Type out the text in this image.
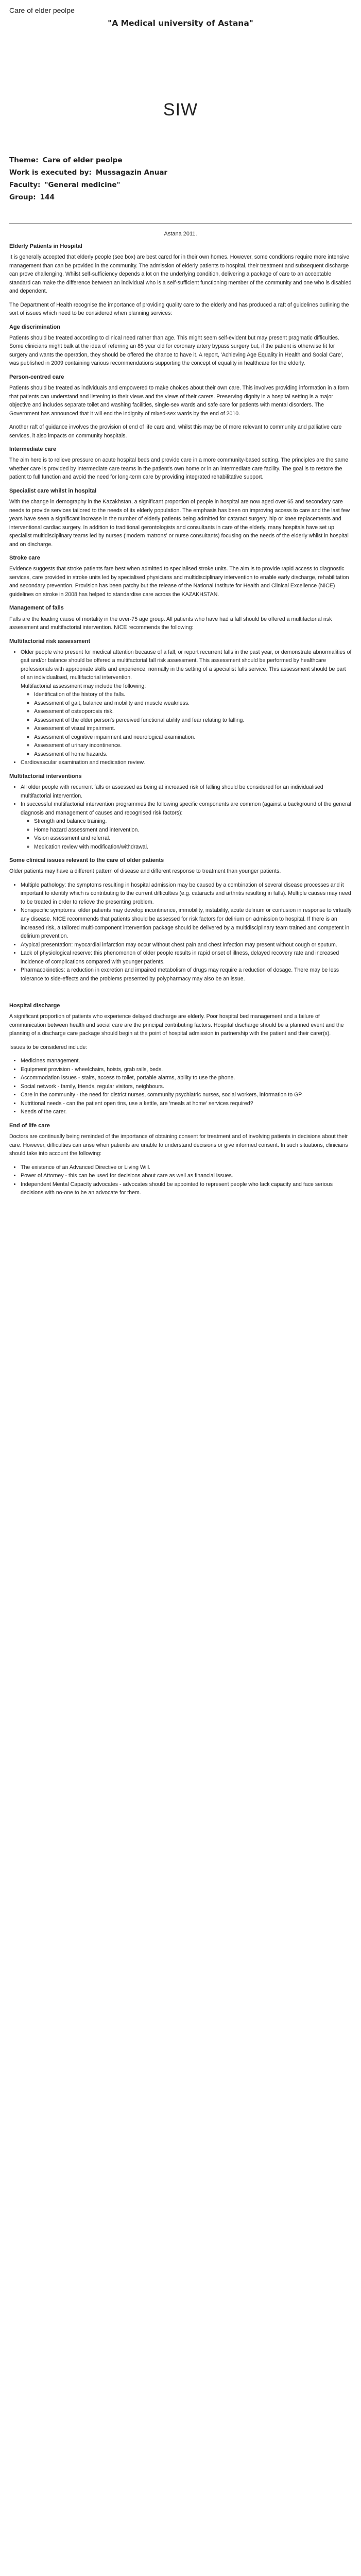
Care of elder peolpe
"A Medical university of Astana"
SIW
Theme: Care of elder peolpe
Work is executed by: Mussagazin Anuar
Faculty: "General medicine"
Group: 144
Astana 2011.
Elderly Patients in Hospital

It is generally accepted that elderly people (see box) are best cared for in their own homes. However, some conditions require more intensive management than can be provided in the community. The admission of elderly patients to hospital, their treatment and subsequent discharge can prove challenging. Whilst self-sufficiency depends a lot on the underlying condition, delivering a package of care to an acceptable standard can make the difference between an individual who is a self-sufficient functioning member of the community and one who is disabled and dependent.

The Department of Health recognise the importance of providing quality care to the elderly and has produced a raft of guidelines outlining the sort of issues which need to be considered when planning services:

Age discrimination

Patients should be treated according to clinical need rather than age. This might seem self-evident but may present pragmatic difficulties. Some clinicians might balk at the idea of referring an 85 year old for coronary artery bypass surgery but, if the patient is otherwise fit for surgery and wants the operation, they should be offered the chance to have it. A report, 'Achieving Age Equality in Health and Social Care', was published in 2009 containing various recommendations supporting the concept of equality in healthcare for the elderly.

Person-centred care

Patients should be treated as individuals and empowered to make choices about their own care. This involves providing information in a form that patients can understand and listening to their views and the views of their carers. Preserving dignity in a hospital setting is a major objective and includes separate toilet and washing facilities, single-sex wards and safe care for patients with mental disorders. The Government has announced that it will end the indignity of mixed-sex wards by the end of 2010.

Another raft of guidance involves the provision of end of life care and, whilst this may be of more relevant to community and palliative care services, it also impacts on community hospitals.

Intermediate care

The aim here is to relieve pressure on acute hospital beds and provide care in a more community-based setting. The principles are the same whether care is provided by intermediate care teams in the patient's own home or in an intermediate care facility. The goal is to restore the patient to full function and avoid the need for long-term care by providing integrated rehabilitative support.

Specialist care whilst in hospital

With the change in demography in the Kazakhstan, a significant proportion of people in hospital are now aged over 65 and secondary care needs to provide services tailored to the needs of its elderly population. The emphasis has been on improving access to care and the last few years have seen a significant increase in the number of elderly patients being admitted for cataract surgery, hip or knee replacements and interventional cardiac surgery. In addition to traditional gerontologists and consultants in care of the elderly, many hospitals have set up specialist multidisciplinary teams led by nurses ('modern matrons' or nurse consultants) focusing on the needs of the elderly whilst in hospital and on discharge.

Stroke care

Evidence suggests that stroke patients fare best when admitted to specialised stroke units. The aim is to provide rapid access to diagnostic services, care provided in stroke units led by specialised physicians and multidisciplinary intervention to enable early discharge, rehabilitation and secondary prevention. Provision has been patchy but the release of the National Institute for Health and Clinical Excellence (NICE) guidelines on stroke in 2008 has helped to standardise care across the KAZAKHSTAN.

Management of falls

Falls are the leading cause of mortality in the over-75 age group. All patients who have had a fall should be offered a multifactorial risk assessment and multifactorial intervention. NICE recommends the following:

Multifactorial risk assessment
• Older people who present for medical attention because of a fall, or report recurrent falls in the past year, or demonstrate abnormalities of gait and/or balance should be offered a multifactorial fall risk assessment. This assessment should be performed by healthcare professionals with appropriate skills and experience, normally in the setting of a specialist falls service. This assessment should be part of an individualised, multifactorial intervention.
Multifactorial assessment may include the following:
◦ Identification of the history of the falls.
◦ Assessment of gait, balance and mobility and muscle weakness.
◦ Assessment of osteoporosis risk.
◦ Assessment of the older person's perceived functional ability and fear relating to falling.
◦ Assessment of visual impairment.
◦ Assessment of cognitive impairment and neurological examination.
◦ Assessment of urinary incontinence.
◦ Assessment of home hazards.
• Cardiovascular examination and medication review.
Multifactorial interventions
• All older people with recurrent falls or assessed as being at increased risk of falling should be considered for an individualised multifactorial intervention.
• In successful multifactorial intervention programmes the following specific components are common (against a background of the general diagnosis and management of causes and recognised risk factors):
◦ Strength and balance training.
◦ Home hazard assessment and intervention.
◦ Vision assessment and referral.
◦ Medication review with modification/withdrawal.
Some clinical issues relevant to the care of older patients

Older patients may have a different pattern of disease and different response to treatment than younger patients.

• Multiple pathology: the symptoms resulting in hospital admission may be caused by a combination of several disease processes and it important to identify which is contributing to the current difficulties (e.g. cataracts and arthritis resulting in falls). Multiple causes may need to be treated in order to relieve the presenting problem.
• Nonspecific symptoms: older patients may develop incontinence, immobility, instability, acute delirium or confusion in response to virtually any disease. NICE recommends that patients should be assessed for risk factors for delirium on admission to hospital. If there is an increased risk, a tailored multi-component intervention package should be delivered by a multidisciplinary team trained and competent in delirium prevention.
• Atypical presentation: myocardial infarction may occur without chest pain and chest infection may present without cough or sputum.
• Lack of physiological reserve: this phenomenon of older people results in rapid onset of illness, delayed recovery rate and increased incidence of complications compared with younger patients.
• Pharmacokinetics: a reduction in excretion and impaired metabolism of drugs may require a reduction of dosage. There may be less tolerance to side-effects and the problems presented by polypharmacy may also be an issue.
Hospital discharge

A significant proportion of patients who experience delayed discharge are elderly. Poor hospital bed management and a failure of communication between health and social care are the principal contributing factors. Hospital discharge should be a planned event and the planning of a discharge care package should begin at the point of hospital admission in partnership with the patient and their carer(s).

Issues to be considered include:

• Medicines management.
• Equipment provision - wheelchairs, hoists, grab rails, beds.
• Accommodation issues - stairs, access to toilet, portable alarms, ability to use the phone.
• Social network - family, friends, regular visitors, neighbours.
• Care in the community - the need for district nurses, community psychiatric nurses, social workers, information to GP.
• Nutritional needs - can the patient open tins, use a kettle, are 'meals at home' services required?
• Needs of the carer.
End of life care

Doctors are continually being reminded of the importance of obtaining consent for treatment and of involving patients in decisions about their care. However, difficulties can arise when patients are unable to understand decisions or give informed consent. In such situations, clinicians should take into account the following:

• The existence of an Advanced Directive or Living Will.
• Power of Attorney - this can be used for decisions about care as well as financial issues.
• Independent Mental Capacity advocates - advocates should be appointed to represent people who lack capacity and face serious decisions with no-one to be an advocate for them.
